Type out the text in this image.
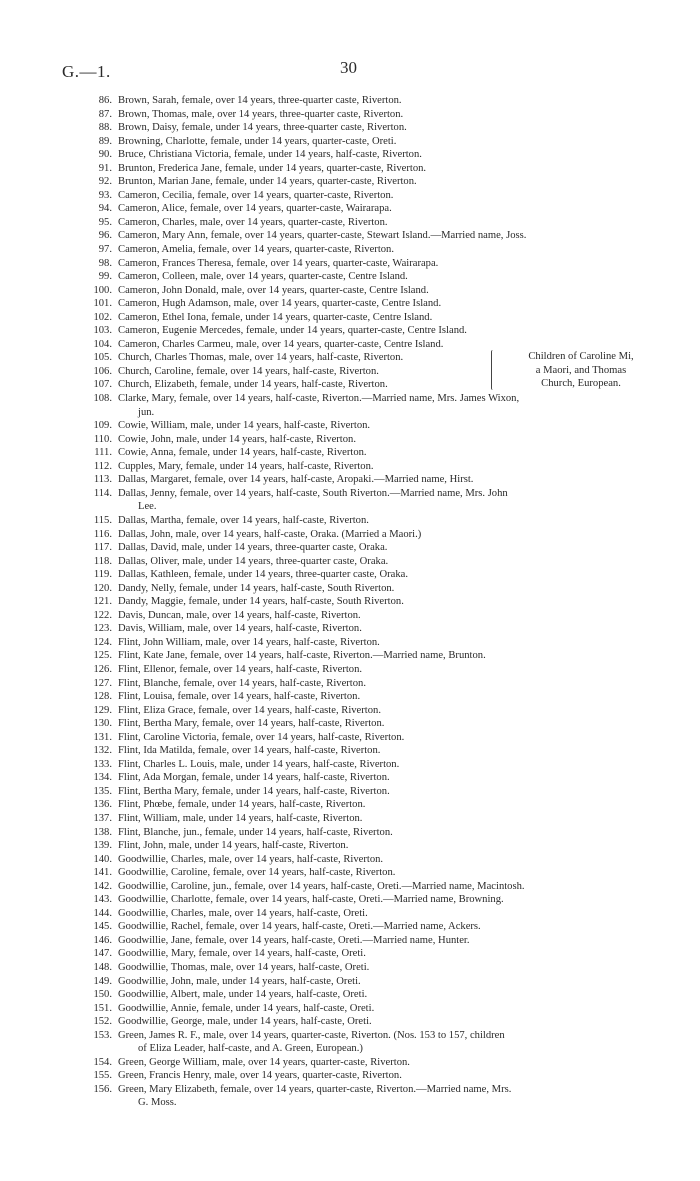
G.—1.	30
86. Brown, Sarah, female, over 14 years, three-quarter caste, Riverton.
87. Brown, Thomas, male, over 14 years, three-quarter caste, Riverton.
88. Brown, Daisy, female, under 14 years, three-quarter caste, Riverton.
89. Browning, Charlotte, female, under 14 years, quarter-caste, Oreti.
90. Bruce, Christiana Victoria, female, under 14 years, half-caste, Riverton.
91. Brunton, Frederica Jane, female, under 14 years, quarter-caste, Riverton.
92. Brunton, Marian Jane, female, under 14 years, quarter-caste, Riverton.
93. Cameron, Cecilia, female, over 14 years, quarter-caste, Riverton.
94. Cameron, Alice, female, over 14 years, quarter-caste, Wairarapa.
95. Cameron, Charles, male, over 14 years, quarter-caste, Riverton.
96. Cameron, Mary Ann, female, over 14 years, quarter-caste, Stewart Island.—Married name, Joss.
97. Cameron, Amelia, female, over 14 years, quarter-caste, Riverton.
98. Cameron, Frances Theresa, female, over 14 years, quarter-caste, Wairarapa.
99. Cameron, Colleen, male, over 14 years, quarter-caste, Centre Island.
100. Cameron, John Donald, male, over 14 years, quarter-caste, Centre Island.
101. Cameron, Hugh Adamson, male, over 14 years, quarter-caste, Centre Island.
102. Cameron, Ethel Iona, female, under 14 years, quarter-caste, Centre Island.
103. Cameron, Eugenie Mercedes, female, under 14 years, quarter-caste, Centre Island.
104. Cameron, Charles Carmeu, male, over 14 years, quarter-caste, Centre Island.
105. Church, Charles Thomas, male, over 14 years, half-caste, Riverton.
106. Church, Caroline, female, over 14 years, half-caste, Riverton.
107. Church, Elizabeth, female, under 14 years, half-caste, Riverton.
108. Clarke, Mary, female, over 14 years, half-caste, Riverton.—Married name, Mrs. James Wixon,
jun.
109. Cowie, William, male, under 14 years, half-caste, Riverton.
110. Cowie, John, male, under 14 years, half-caste, Riverton.
111. Cowie, Anna, female, under 14 years, half-caste, Riverton.
112. Cupples, Mary, female, under 14 years, half-caste, Riverton.
113. Dallas, Margaret, female, over 14 years, half-caste, Aropaki.—Married name, Hirst.
114. Dallas, Jenny, female, over 14 years, half-caste, South Riverton.—Married name, Mrs. John
Lee.
115. Dallas, Martha, female, over 14 years, half-caste, Riverton.
116. Dallas, John, male, over 14 years, half-caste, Oraka. (Married a Maori.)
117. Dallas, David, male, under 14 years, three-quarter caste, Oraka.
118. Dallas, Oliver, male, under 14 years, three-quarter caste, Oraka.
119. Dallas, Kathleen, female, under 14 years, three-quarter caste, Oraka.
120. Dandy, Nelly, female, under 14 years, half-caste, South Riverton.
121. Dandy, Maggie, female, under 14 years, half-caste, South Riverton.
122. Davis, Duncan, male, over 14 years, half-caste, Riverton.
123. Davis, William, male, over 14 years, half-caste, Riverton.
124. Flint, John William, male, over 14 years, half-caste, Riverton.
125. Flint, Kate Jane, female, over 14 years, half-caste, Riverton.—Married name, Brunton.
126. Flint, Ellenor, female, over 14 years, half-caste, Riverton.
127. Flint, Blanche, female, over 14 years, half-caste, Riverton.
128. Flint, Louisa, female, over 14 years, half-caste, Riverton.
129. Flint, Eliza Grace, female, over 14 years, half-caste, Riverton.
130. Flint, Bertha Mary, female, over 14 years, half-caste, Riverton.
131. Flint, Caroline Victoria, female, over 14 years, half-caste, Riverton.
132. Flint, Ida Matilda, female, over 14 years, half-caste, Riverton.
133. Flint, Charles L. Louis, male, under 14 years, half-caste, Riverton.
134. Flint, Ada Morgan, female, under 14 years, half-caste, Riverton.
135. Flint, Bertha Mary, female, under 14 years, half-caste, Riverton.
136. Flint, Phœbe, female, under 14 years, half-caste, Riverton.
137. Flint, William, male, under 14 years, half-caste, Riverton.
138. Flint, Blanche, jun., female, under 14 years, half-caste, Riverton.
139. Flint, John, male, under 14 years, half-caste, Riverton.
140. Goodwillie, Charles, male, over 14 years, half-caste, Riverton.
141. Goodwillie, Caroline, female, over 14 years, half-caste, Riverton.
142. Goodwillie, Caroline, jun., female, over 14 years, half-caste, Oreti.—Married name, Macintosh.
143. Goodwillie, Charlotte, female, over 14 years, half-caste, Oreti.—Married name, Browning.
144. Goodwillie, Charles, male, over 14 years, half-caste, Oreti.
145. Goodwillie, Rachel, female, over 14 years, half-caste, Oreti.—Married name, Ackers.
146. Goodwillie, Jane, female, over 14 years, half-caste, Oreti.—Married name, Hunter.
147. Goodwillie, Mary, female, over 14 years, half-caste, Oreti.
148. Goodwillie, Thomas, male, over 14 years, half-caste, Oreti.
149. Goodwillie, John, male, under 14 years, half-caste, Oreti.
150. Goodwillie, Albert, male, under 14 years, half-caste, Oreti.
151. Goodwillie, Annie, female, under 14 years, half-caste, Oreti.
152. Goodwillie, George, male, under 14 years, half-caste, Oreti.
153. Green, James R. F., male, over 14 years, quarter-caste, Riverton. (Nos. 153 to 157, children
of Eliza Leader, half-caste, and A. Green, European.)
154. Green, George William, male, over 14 years, quarter-caste, Riverton.
155. Green, Francis Henry, male, over 14 years, quarter-caste, Riverton.
156. Green, Mary Elizabeth, female, over 14 years, quarter-caste, Riverton.—Married name, Mrs.
G. Moss.
Children of Caroline Mi,
a Maori, and Thomas
Church, European.
